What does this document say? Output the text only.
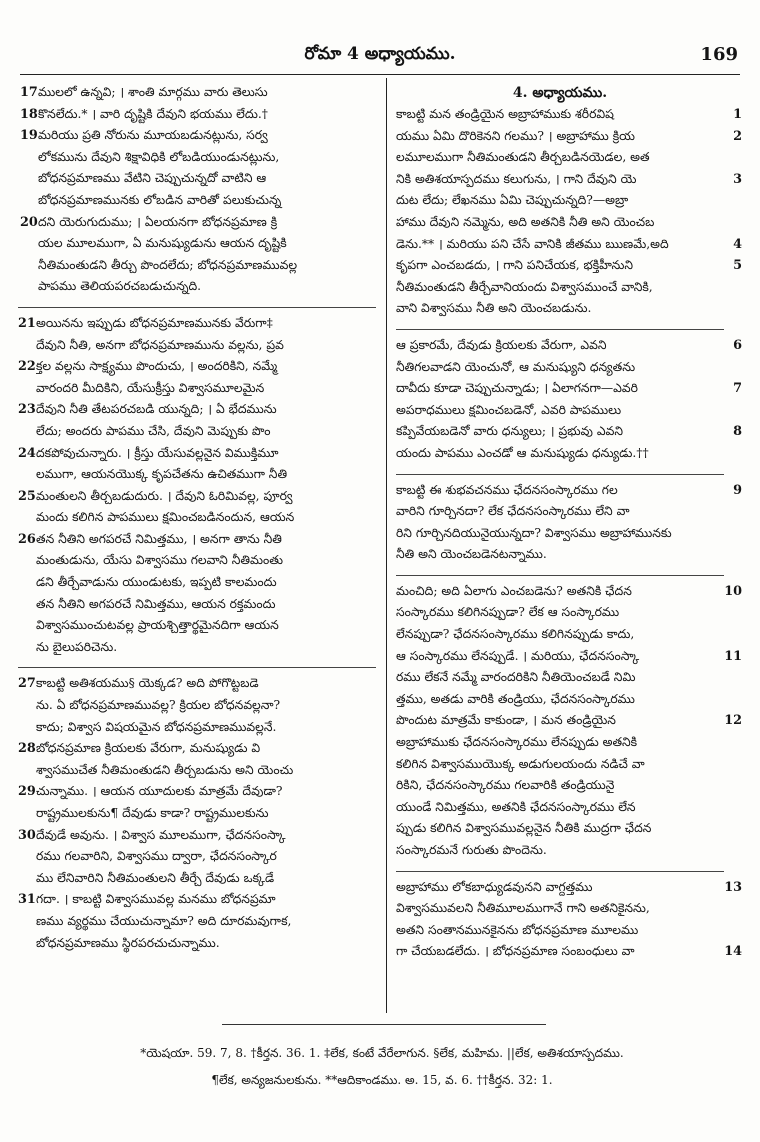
రోమా 4 అధ్యాయము.	169
17 ములలో ఉన్నవి; । శాంతి మార్గము వారు తెలుసు
18 కొనలేదు.* । వారి దృష్టికి దేవుని భయము లేదు.†
19 మరియు ప్రతి నోరును మూయబడునట్లును, సర్వ
లోకమును దేవుని శిక్షావిధికి లోబడియుండునట్లును,
బోధనప్రమాణము వేటిని చెప్పుచున్నదో వాటిని ఆ
బోధనప్రమాణమునకు లోబడిన వారితో పలుకుచున్న
20 దని యెరుగుదుము; । ఏలయనగా బోధనప్రమాణ క్రి
యల మూలముగా, ఏ మనుష్యుడును ఆయన దృష్టికి
నీతిమంతుడని తీర్చు పొందలేదు; బోధనప్రమాణమువల్ల
పాపము తెలియపరచబడుచున్నది.
21 అయినను ఇప్పుడు బోధనప్రమాణమునకు వేరుగా‡
దేవుని నీతి, అనగా బోధనప్రమాణమును వల్లను, ప్రవ
22 క్తల వల్లను సాక్ష్యము పొందుచు, । అందరికిని, నమ్మే
వారందరి మీదికిని, యేసుక్రీస్తు విశ్వాసమూలమైన
23 దేవుని నీతి తేటపరచబడి యున్నది; । ఏ భేదమును
లేదు; అందరు పాపము చేసి, దేవుని మెప్పుకు పొం
24 దకపోవుచున్నారు. । క్రీస్తు యేసువల్లనైన విముక్తిమూ
లముగా, ఆయనయొక్క కృపచేతను ఉచితముగా నీతి
25 మంతులని తీర్చబడుదురు. । దేవుని ఓరిమివల్ల, పూర్వ
మందు కలిగిన పాపములు క్షమించబడినందున, ఆయన
26 తన నీతిని అగపరచే నిమిత్తము, । అనగా తాను నీతి
మంతుడును, యేసు విశ్వాసము గలవాని నీతిమంతు
డని తీర్చేవాడును యుండుటకు, ఇప్పటి కాలమందు
తన నీతిని అగపరచే నిమిత్తము, ఆయన రక్తమందు
విశ్వాసముంచుటవల్ల ప్రాయశ్చిత్తార్థమైనదిగా ఆయన
ను బైలుపరిచెను.
27 కాబట్టి అతిశయము§ యెక్కడ? అది పోగొట్టబడె
ను. ఏ బోధనప్రమాణమువల్ల? క్రియల బోధనవల్లనా?
కాదు; విశ్వాస విషయమైన బోధనప్రమాణమువల్లనే.
28 బోధనప్రమాణ క్రియలకు వేరుగా, మనుష్యుడు వి
శ్వాసముచేత నీతిమంతుడని తీర్చబడును అని యెంచు
29 చున్నాము. । ఆయన యూదులకు మాత్రమే దేవుడా?
రాష్ట్రములకును¶ దేవుడు కాడా? రాష్ట్రములకును
30 దేవుడే అవును. । విశ్వాస మూలముగా, ఛేదనసంస్కా
రము గలవారిని, విశ్వాసము ద్వారా, ఛేదనసంస్కార
ము లేనివారిని నీతిమంతులని తీర్చే దేవుడు ఒక్కడే
31 గదా. । కాబట్టి విశ్వాసమువల్ల మనము బోధనప్రమా
ణము వ్యర్థము చేయుచున్నామా? అది దూరమవుగాక,
బోధనప్రమాణము స్థిరపరచుచున్నాము.
4. అధ్యాయము.
కాబట్టి మన తండ్రియైన అబ్రాహాముకు శరీరవిష	1
యము ఏమి దొరికెనని గలము? । అబ్రాహాము క్రియ	2
లమూలముగా నీతిమంతుడని తీర్చబడినయెడల, అత
నికి అతిశయాస్పదము కలుగును, । గాని దేవుని యె	3
దుట లేదు; లేఖనము ఏమి చెప్పుచున్నది?—అబ్రా
హాము దేవుని నమ్మెను, అది అతనికి నీతి అని యెంచబ
డెను.** । మరియు పని చేసే వానికి జీతము ఋణమే,అది	4
కృపగా ఎంచబడదు, । గాని పనిచేయక, భక్తిహీనుని	5
నీతిమంతుడని తీర్చేవానియందు విశ్వాసముంచే వానికి,
వాని విశ్వాసము నీతి అని యెంచబడును.
ఆ ప్రకారమే, దేవుడు క్రియలకు వేరుగా, ఎవని	6
నీతిగలవాడని యెంచునో, ఆ మనుష్యుని ధన్యతను
దావీదు కూడా చెప్పుచున్నాడు; । ఏలాగనగా—ఎవరి	7
అపరాధములు క్షమించబడెనో, ఎవరి పాపములు
కప్పివేయబడెనో వారు ధన్యులు; । ప్రభువు ఎవని	8
యందు పాపము ఎంచడో ఆ మనుష్యుడు ధన్యుడు.††
కాబట్టి ఈ శుభవచనము ఛేదనసంస్కారము గల	9
వారిని గూర్చినదా? లేక ఛేదనసంస్కారము లేని వా
రిని గూర్చినదియునైయున్నదా? విశ్వాసము అబ్రాహామునకు
నీతి అని యెంచబడెనటన్నాము.
మంచిది; అది ఏలాగు ఎంచబడెను? అతనికి ఛేదన	10
సంస్కారము కలిగినప్పుడా? లేక ఆ సంస్కారము
లేనప్పుడా? ఛేదనసంస్కారము కలిగినప్పుడు కాదు,
ఆ సంస్కారము లేనప్పుడే. । మరియు, ఛేదనసంస్కా	11
రము లేకనే నమ్మే వారందరికిని నీతియెంచబడే నిమి
త్తము, అతడు వారికి తండ్రియు, ఛేదనసంస్కారము
పొందుట మాత్రమే కాకుండా, । మన తండ్రియైన	12
అబ్రాహాముకు ఛేదనసంస్కారము లేనప్పుడు అతనికి
కలిగిన విశ్వాసముయొక్క అడుగులయందు నడిచే వా
రికిని, ఛేదనసంస్కారము గలవారికి తండ్రియునై
యుండే నిమిత్తము, అతనికి ఛేదనసంస్కారము లేన
ప్పుడు కలిగిన విశ్వాసమువల్లనైన నీతికి ముద్రగా ఛేదన
సంస్కారమనే గురుతు పొందెను.
అబ్రాహాము లోకబాధ్యుడవునని వాగ్దత్తము	13
విశ్వాసమువలని నీతిమూలముగానే గాని అతనికైనను,
అతని సంతానమునకైనను బోధనప్రమాణ మూలము
గా చేయబడలేదు. । బోధనప్రమాణ సంబంధులు వా	14
*యెషయా. 59. 7, 8. †కీర్తన. 36. 1. ‡లేక, కంటే వేరేలాగున. §లేక, మహిమ. ||లేక, అతిశయాస్పదము.
¶లేక, అన్యజనులకును. **ఆదికాండము. అ. 15, వ. 6. ††కీర్తన. 32: 1.
